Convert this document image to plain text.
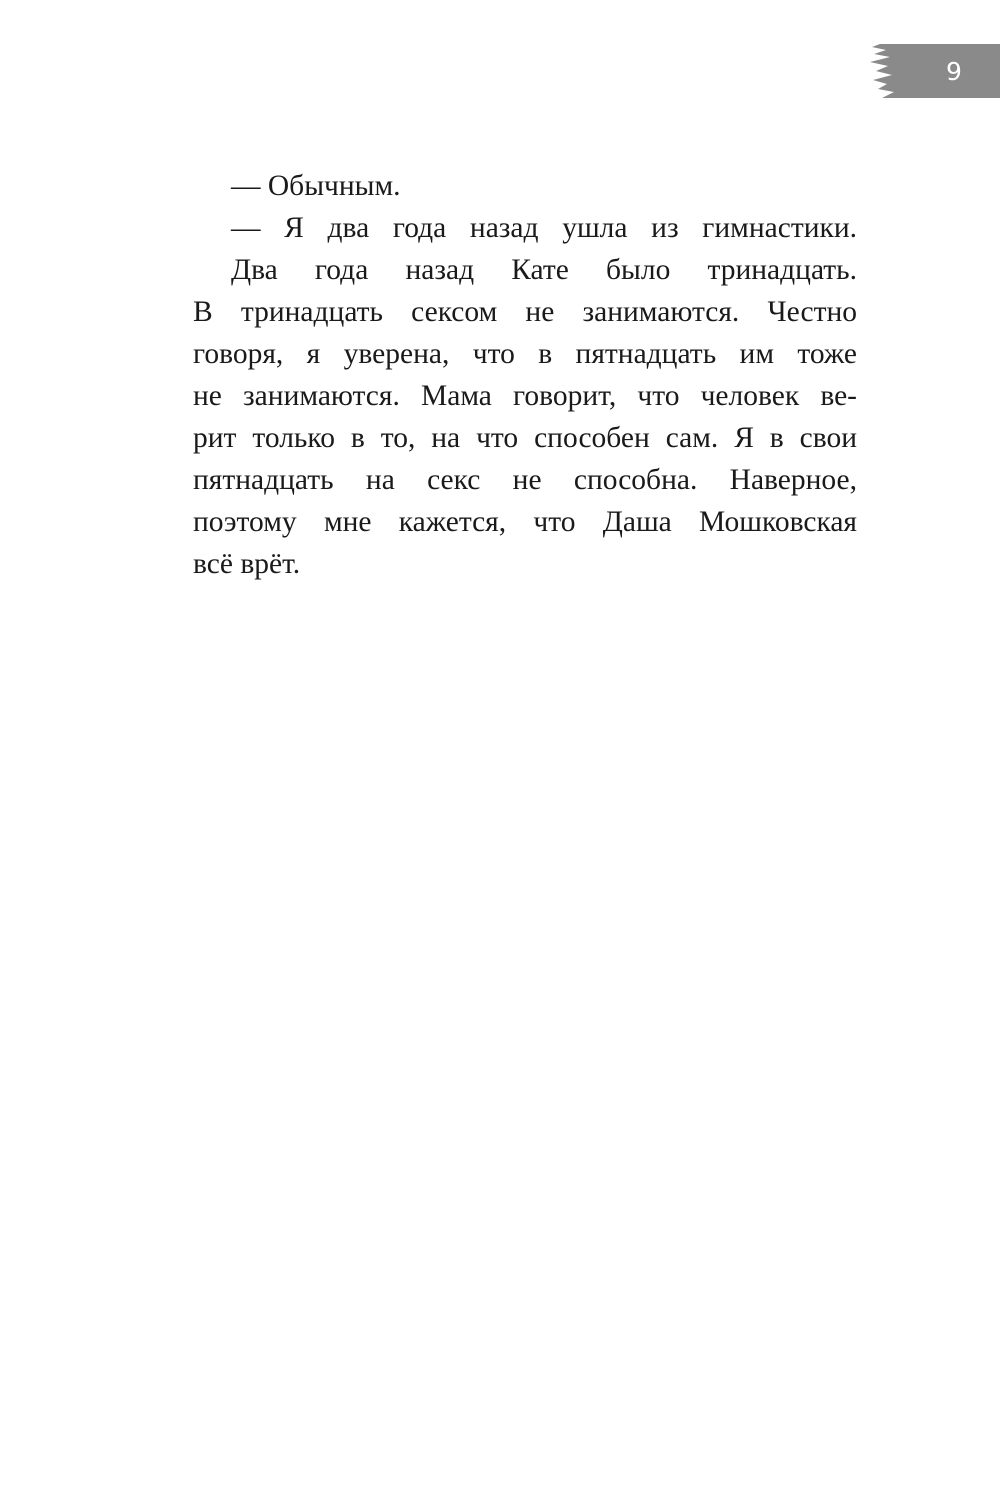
9
— Обычным.
— Я два года назад ушла из гимнастики.
Два года назад Кате было тринадцать.
В тринадцать сексом не занимаются. Честно
говоря, я уверена, что в пятнадцать им тоже
не занимаются. Мама говорит, что человек ве-
рит только в то, на что способен сам. Я в свои
пятнадцать на секс не способна. Наверное,
поэтому мне кажется, что Даша Мошковская
всё врёт.
